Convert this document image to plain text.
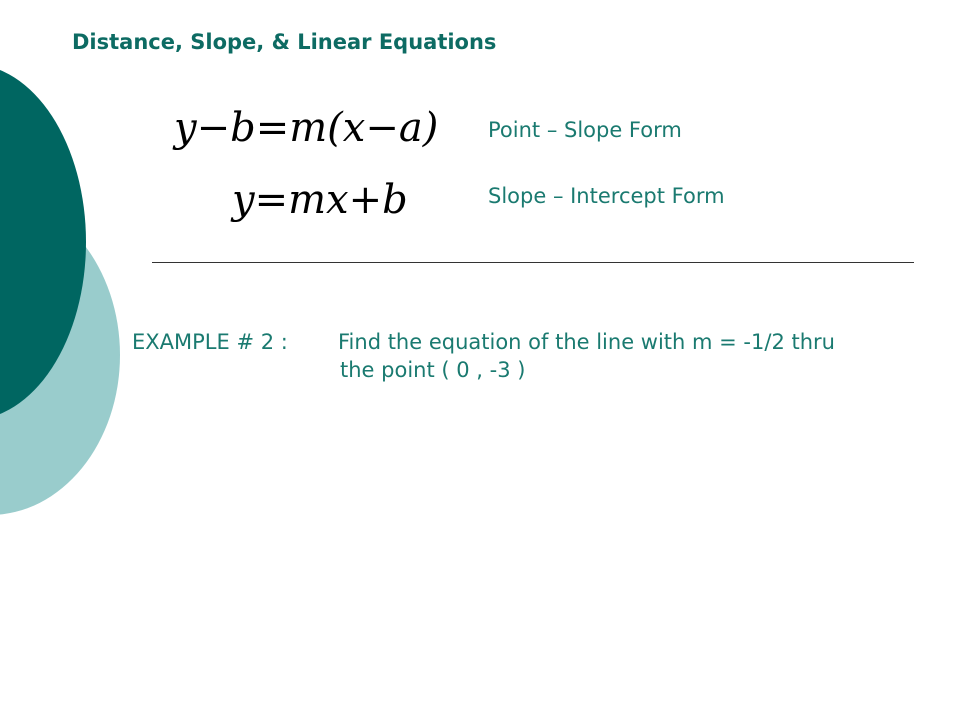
Distance, Slope, & Linear Equations
y−b=m(x−a) Point – Slope Form
y=mx+b	Slope – Intercept Form
EXAMPLE # 2 : Find the equation of the line with m = -1/2 thru
the point ( 0 , -3 )
